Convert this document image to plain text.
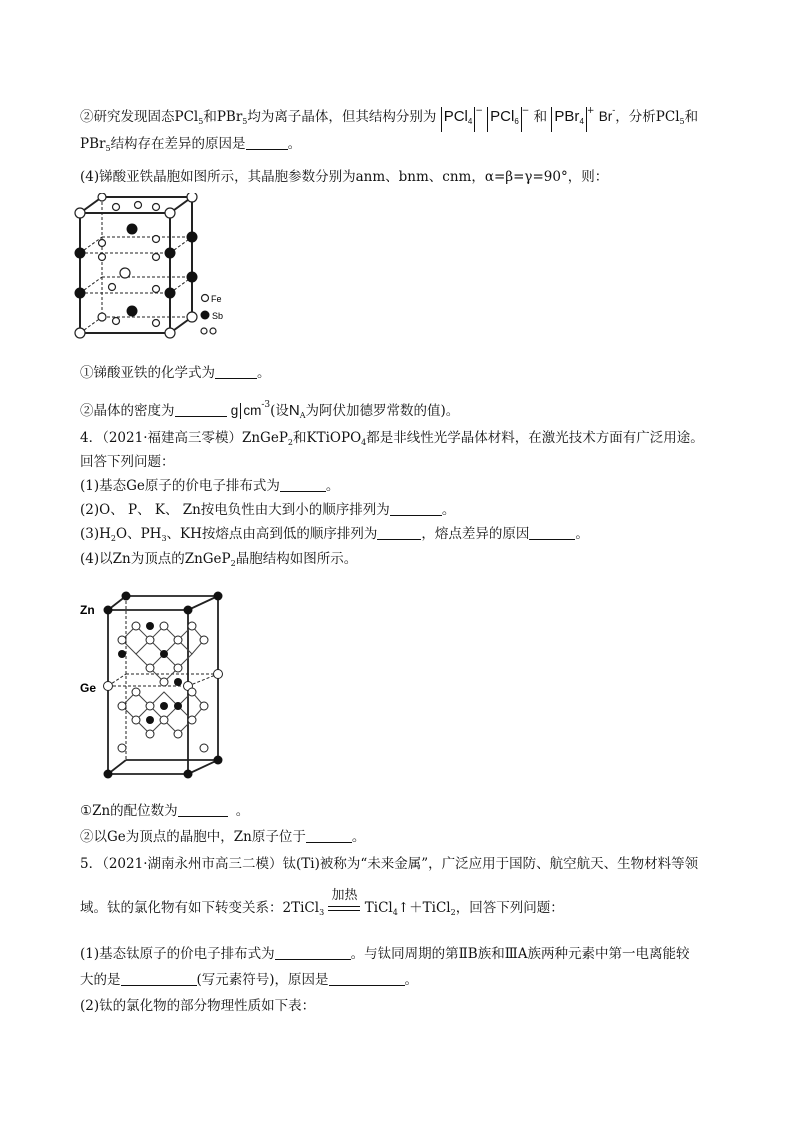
②研究发现固态PCl$_5$和PBr$_5$均为离子晶体，但其结构分别为 PCl$_4$− PCl$_6$− 和 PBr$_4$+ Br-，分析PCl$_5$和
PBr$_5$结构存在差异的原因是	。
(4)锑酸亚铁晶胞如图所示，其晶胞参数分别为anm、bnm、cnm，α=β=γ=90°，则：
Fe
Sb
O
①锑酸亚铁的化学式为	。
②晶体的密度为	g $cm^{-3}$(设$N_A$为阿伏加德罗常数的值)。
4．（2021·福建高三零模）ZnGeP$_2$和KTiOPO$_4$都是非线性光学晶体材料，在激光技术方面有广泛用途。
回答下列问题：
(1)基态Ge原子的价电子排布式为	。
(2)O、 P、 K、 Zn按电负性由大到小的顺序排列为	。
$(3)H_2O$、$PH_3$、KH按熔点由高到低的顺序排列为	，熔点差异的原因	。
(4)以Zn为顶点的ZnGeP$_2$晶胞结构如图所示。
Zn
Ge
①Zn的配位数为	。
②以Ge为顶点的晶胞中，Zn原子位于	。
5．（2021·湖南永州市高三二模）钛(Ti)被称为“未来金属”，广泛应用于国防、航空航天、生物材料等领
域。钛的氯化物有如下转变关系：2TiCl$_3$
加热
TiCl$_4$↑＋TiCl$_2$，回答下列问题：
(1)基态钛原子的价电子排布式为	。与钛同周期的第ⅡB族和ⅢA族两种元素中第一电离能较
大的是	(写元素符号)，原因是	。
(2)钛的氯化物的部分物理性质如下表：
